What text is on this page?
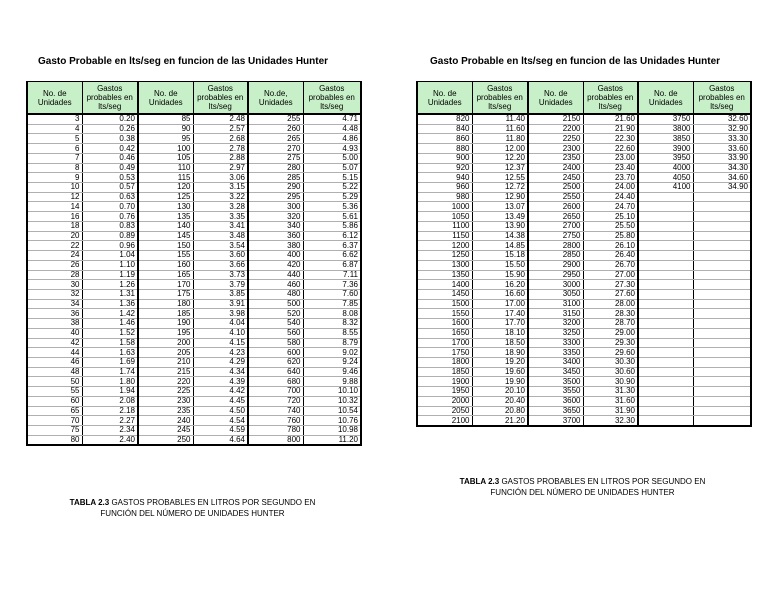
Gasto Probable en lts/seg en funcion de las Unidades Hunter
No. de Unidades	Gastos probables en lts/seg	No. de Unidades	Gastos probables en lts/seg	No.de, Unidades	Gastos probables en lts/seg
3	0.20	85	2.48	255	4.71
4	0.26	90	2.57	260	4.48
5	0.38	95	2.68	265	4.86
6	0.42	100	2.78	270	4.93
7	0.46	105	2.88	275	5.00
8	0.49	110	2.97	280	5.07
9	0.53	115	3.06	285	5.15
10	0.57	120	3.15	290	5.22
12	0.63	125	3.22	295	5.29
14	0.70	130	3.28	300	5.36
16	0.76	135	3.35	320	5.61
18	0.83	140	3.41	340	5.86
20	0.89	145	3.48	360	6.12
22	0.96	150	3.54	380	6.37
24	1.04	155	3.60	400	6.62
26	1.10	160	3.66	420	6.87
28	1.19	165	3.73	440	7.11
30	1.26	170	3.79	460	7.36
32	1.31	175	3.85	480	7.60
34	1.36	180	3.91	500	7.85
36	1.42	185	3.98	520	8.08
38	1.46	190	4.04	540	8.32
40	1.52	195	4.10	560	8.55
42	1.58	200	4.15	580	8.79
44	1.63	205	4.23	600	9.02
46	1.69	210	4.29	620	9.24
48	1.74	215	4.34	640	9.46
50	1.80	220	4.39	680	9.88
55	1.94	225	4.42	700	10.10
60	2.08	230	4.45	720	10.32
65	2.18	235	4.50	740	10.54
70	2.27	240	4.54	760	10.76
75	2.34	245	4.59	780	10.98
80	2.40	250	4.64	800	11.20
TABLA 2.3 GASTOS PROBABLES EN LITROS POR SEGUNDO EN
FUNCIÓN DEL NÚMERO DE UNIDADES HUNTER
Gasto Probable en lts/seg en funcion de las Unidades Hunter
No. de Unidades	Gastos probables en lts/seg	No. de Unidades	Gastos probables en lts/seg	No. de Unidades	Gastos probables en lts/seg
820	11.40	2150	21.60	3750	32.60
840	11.60	2200	21.90	3800	32.90
860	11.80	2250	22.30	3850	33.30
880	12.00	2300	22.60	3900	33.60
900	12.20	2350	23.00	3950	33.90
920	12.37	2400	23.40	4000	34.30
940	12.55	2450	23.70	4050	34.60
960	12.72	2500	24.00	4100	34.90
980	12.90	2550	24.40		
1000	13.07	2600	24.70		
1050	13.49	2650	25.10		
1100	13.90	2700	25.50		
1150	14.38	2750	25.80		
1200	14.85	2800	26.10		
1250	15.18	2850	26.40		
1300	15.50	2900	26.70		
1350	15.90	2950	27.00		
1400	16.20	3000	27.30		
1450	16.60	3050	27.60		
1500	17.00	3100	28.00		
1550	17.40	3150	28.30		
1600	17.70	3200	28.70		
1650	18.10	3250	29.00		
1700	18.50	3300	29.30		
1750	18.90	3350	29.60		
1800	19.20	3400	30.30		
1850	19.60	3450	30.60		
1900	19.90	3500	30.90		
1950	20.10	3550	31.30		
2000	20.40	3600	31.60		
2050	20.80	3650	31.90		
2100	21.20	3700	32.30		
TABLA 2.3 GASTOS PROBABLES EN LITROS POR SEGUNDO EN
FUNCIÓN DEL NÚMERO DE UNIDADES HUNTER
